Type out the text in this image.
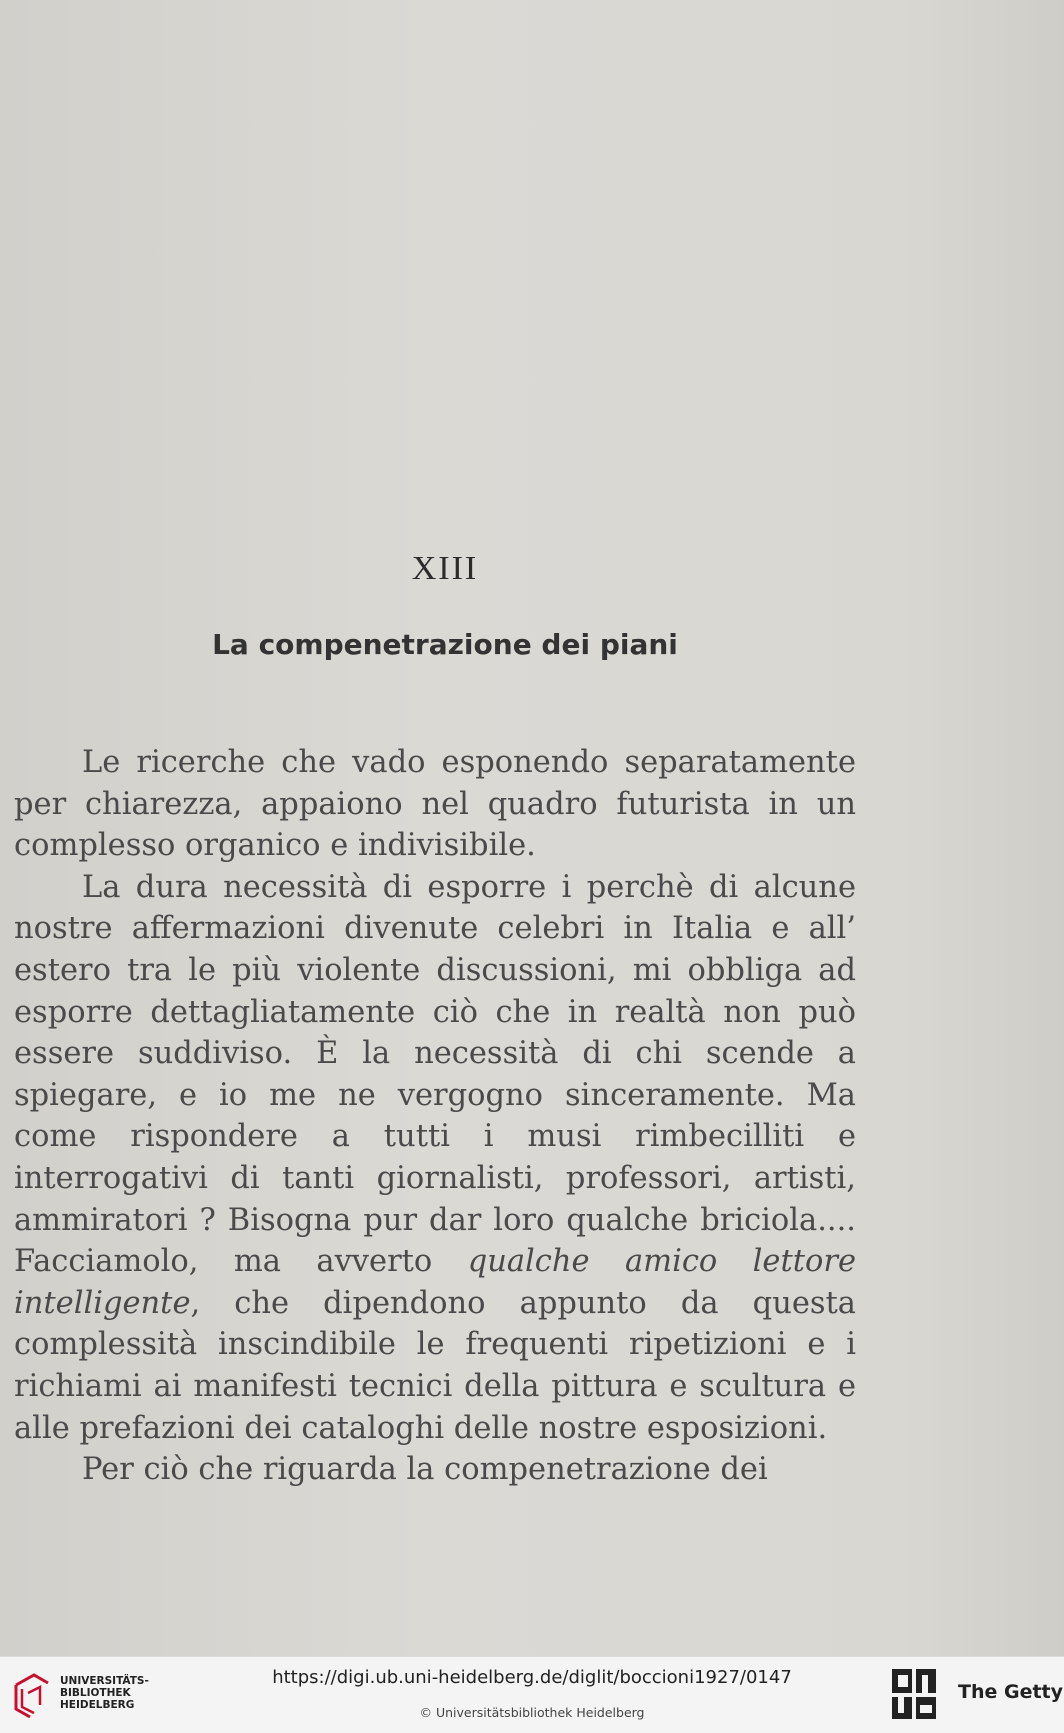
XIII
La compenetrazione dei piani

Le ricerche che vado esponendo separatamente per chiarezza, appaiono nel quadro futurista in un complesso organico e indivisibile.

La dura necessità di esporre i perchè di alcune nostre affermazioni divenute celebri in Italia e all’ estero tra le più violente discussioni, mi obbliga ad esporre dettagliatamente ciò che in realtà non può essere suddiviso. È la necessità di chi scende a spiegare, e io me ne vergogno sinceramente. Ma come rispondere a tutti i musi rimbecilliti e interrogativi di tanti giornalisti, professori, artisti, ammiratori ? Bisogna pur dar loro qualche briciola.... Facciamolo, ma avverto qualche amico lettore intelligente, che dipendono appunto da questa complessità inscindibile le frequenti ripetizioni e i richiami ai manifesti tecnici della pittura e scultura e alle prefazioni dei cataloghi delle nostre esposizioni.

Per ciò che riguarda la compenetrazione dei

UNIVERSITÄTS-
BIBLIOTHEK
HEIDELBERG
https://digi.ub.uni-heidelberg.de/diglit/boccioni1927/0147
© Universitätsbibliothek Heidelberg
The Getty
